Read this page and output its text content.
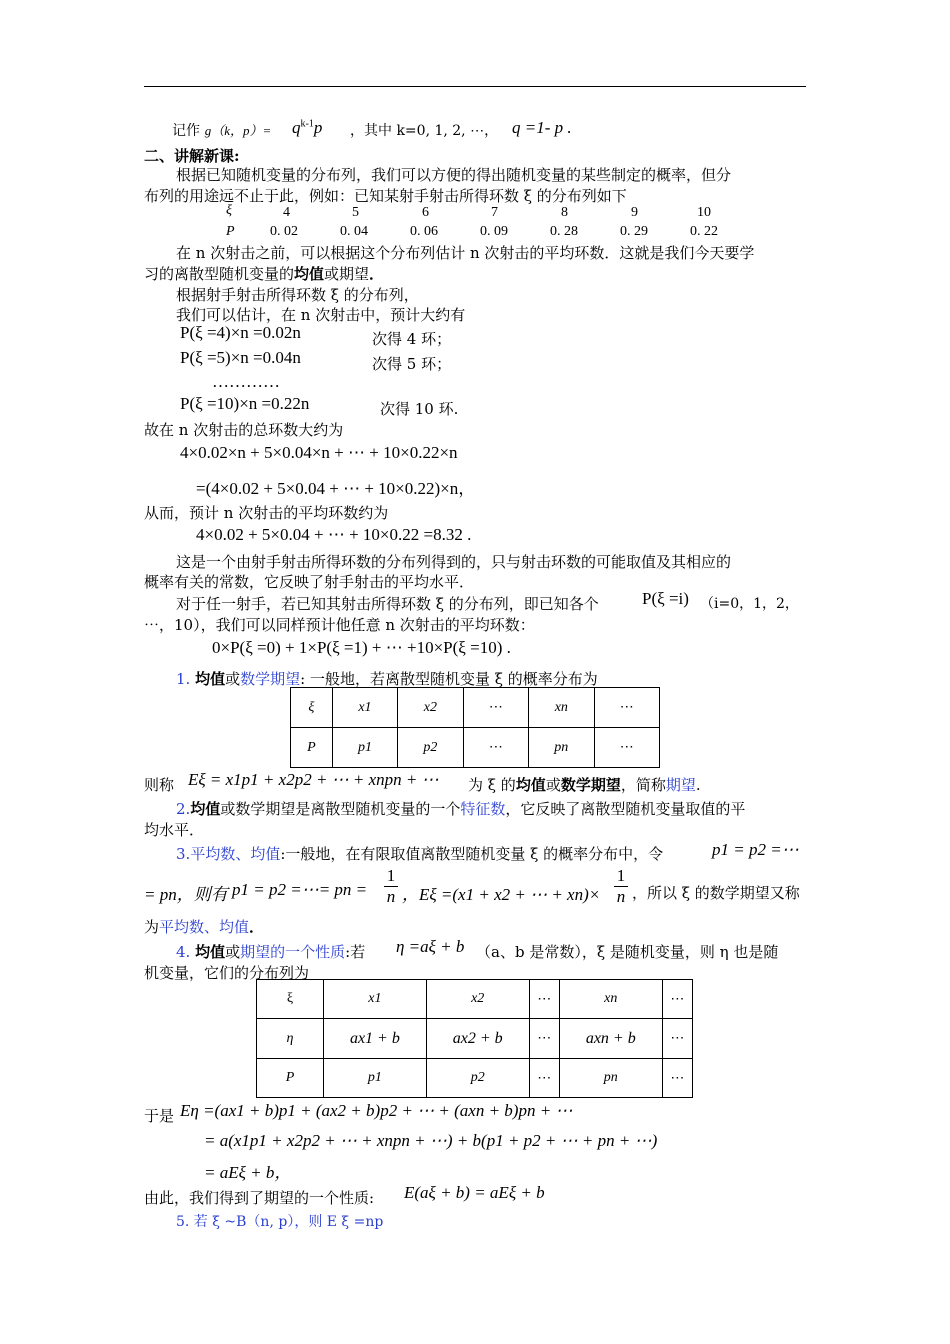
记作 g（k，$p)= q^{k-1}p$ ，其中 k=0, 1, 2, ⋯， q =1- p .
二、讲解新课:
根据已知随机变量的分布列，我们可以方便的得出随机变量的某些制定的概率，但分
布列的用途远不止于此，例如：已知某射手射击所得环数 ξ 的分布列如下
ξ	4	5	6	7	8	9	10
P	0. 02	0. 04	0. 06	0. 09	0. 28	0. 29	0. 22
在 n 次射击之前，可以根据这个分布列估计 n 次射击的平均环数．这就是我们今天要学
习的离散型随机变量的均值或期望．
根据射手射击所得环数 ξ 的分布列，
我们可以估计，在 n 次射击中，预计大约有
P(ξ =4)×n =0.02n	次得 4 环；
P(ξ =5)×n =0.04n	次得 5 环；
…………
P(ξ =10)×n =0.22n	次得 10 环.
故在 n 次射击的总环数大约为
4×0.02×n + 5×0.04×n + ⋯ + 10×0.22×n
=(4×0.02 + 5×0.04 + ⋯ + 10×0.22)×n，
从而，预计 n 次射击的平均环数约为
4×0.02 + 5×0.04 + ⋯ + 10×0.22 =8.32 .
这是一个由射手射击所得环数的分布列得到的，只与射击环数的可能取值及其相应的
概率有关的常数，它反映了射手射击的平均水平．
对于任一射手，若已知其射击所得环数 ξ 的分布列，即已知各个	P(ξ =i) （i=0，1，2，
⋯，10），我们可以同样预计他任意 n 次射击的平均环数：
0×P(ξ =0) + 1×P(ξ =1) + ⋯ +10×P(ξ =10) .
1. 均值或数学期望: 一般地，若离散型随机变量 ξ 的概率分布为
ξ	x1	x2	⋯	xn	⋯
P	p1	p2	⋯	pn	⋯
则称 Eξ = x1p1 + x2p2 + ⋯ + xnpn + ⋯ 为 ξ 的均值或数学期望，简称期望.
2.均值或数学期望是离散型随机变量的一个特征数，它反映了离散型随机变量取值的平
均水平．
3.平均数、均值:一般地，在有限取值离散型随机变量 ξ 的概率分布中，令	p1 = p2 =⋯
= pn，则有 p1 = p2 =⋯= pn =
1
n ，Eξ =(x1 + x2 + ⋯ + xn)×
1
n ，所以 ξ 的数学期望又称
为平均数、均值．
4. 均值或期望的一个性质:若 η =aξ + b （a、b 是常数），ξ 是随机变量，则 η 也是随
机变量，它们的分布列为
ξ	x1	x2	⋯	xn	⋯
η	ax1 + b	ax2 + b	⋯	axn + b	⋯
P	p1	p2	⋯	pn	⋯
于是 Eη =(ax1 + b)p1 + (ax2 + b)p2 + ⋯ + (axn + b)pn + ⋯
= a(x1p1 + x2p2 + ⋯ + xnpn + ⋯) + b(p1 + p2 + ⋯ + pn + ⋯)
= aEξ + b，
由此，我们得到了期望的一个性质: E(aξ + b) = aEξ + b
5. 若 ξ ~B（n, p），则 E ξ =np
